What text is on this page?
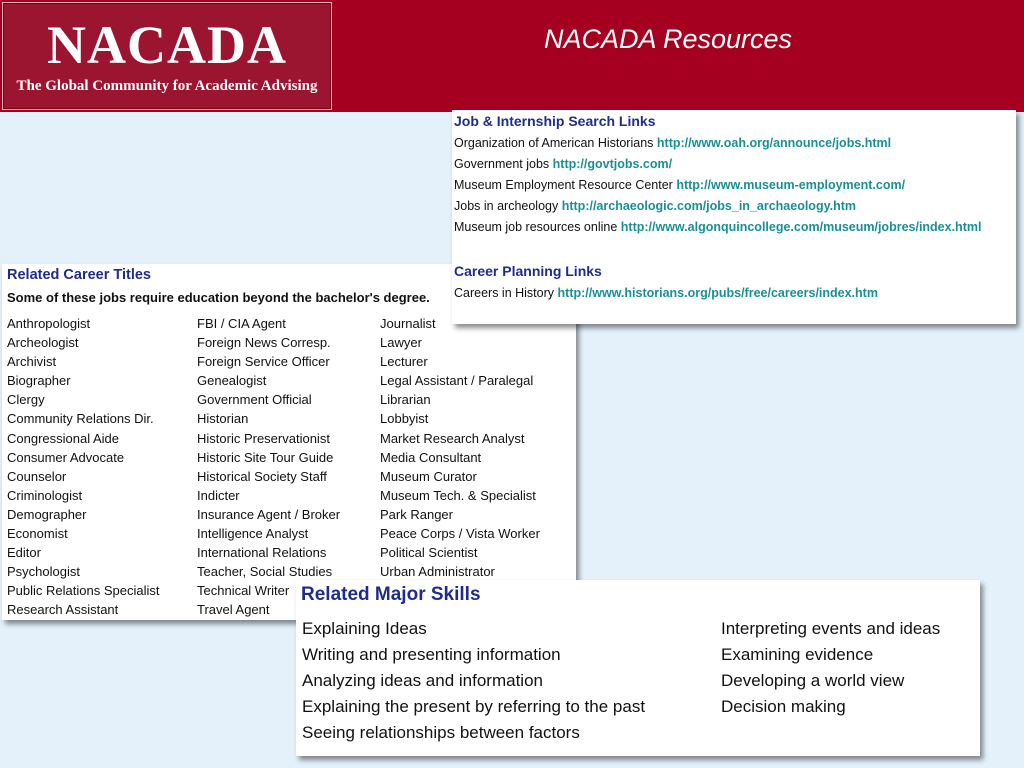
NACADA
The Global Community for Academic Advising
NACADA Resources
Related Career Titles
Some of these jobs require education beyond the bachelor's degree.
Anthropologist
Archeologist
Archivist
Biographer
Clergy
Community Relations Dir.
Congressional Aide
Consumer Advocate
Counselor
Criminologist
Demographer
Economist
Editor
Psychologist
Public Relations Specialist
Research Assistant
FBI / CIA Agent
Foreign News Corresp.
Foreign Service Officer
Genealogist
Government Official
Historian
Historic Preservationist
Historic Site Tour Guide
Historical Society Staff
Indicter
Insurance Agent / Broker
Intelligence Analyst
International Relations
Teacher, Social Studies
Technical Writer
Travel Agent
Journalist
Lawyer
Lecturer
Legal Assistant / Paralegal
Librarian
Lobbyist
Market Research Analyst
Media Consultant
Museum Curator
Museum Tech. & Specialist
Park Ranger
Peace Corps / Vista Worker
Political Scientist
Urban Administrator
Job & Internship Search Links
Organization of American Historians http://www.oah.org/announce/jobs.html
Government jobs http://govtjobs.com/
Museum Employment Resource Center http://www.museum-employment.com/
Jobs in archeology http://archaeologic.com/jobs_in_archaeology.htm
Museum job resources online http://www.algonquincollege.com/museum/jobres/index.html
Career Planning Links
Careers in History http://www.historians.org/pubs/free/careers/index.htm
Related Major Skills
Explaining Ideas
Writing and presenting information
Analyzing ideas and information
Explaining the present by referring to the past
Seeing relationships between factors
Interpreting events and ideas
Examining evidence
Developing a world view
Decision making
